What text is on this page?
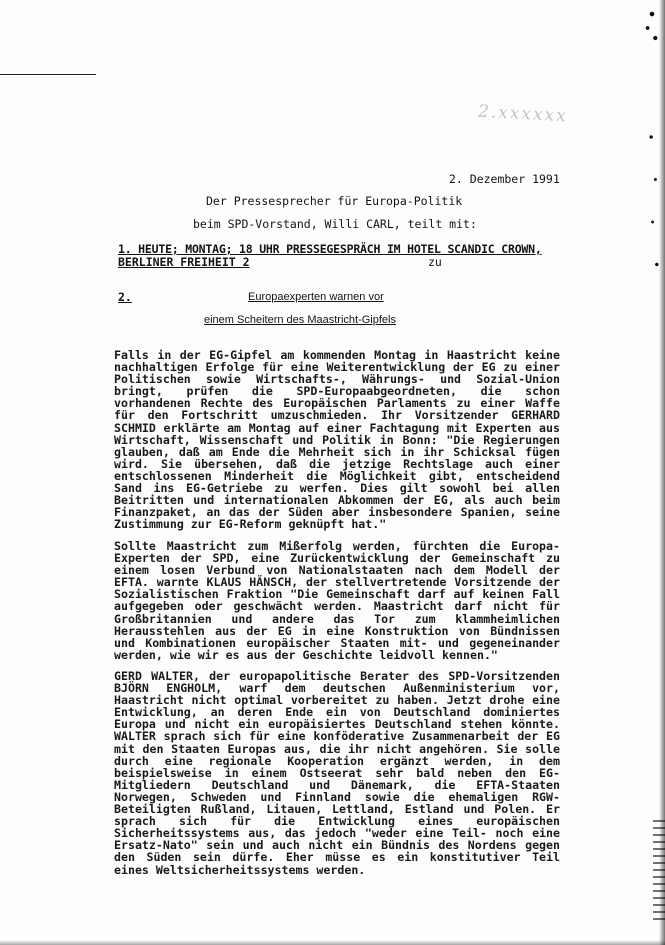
2.xxxxxx
2. Dezember 1991
Der Pressesprecher für Europa-Politik
beim SPD-Vorstand, Willi CARL, teilt mit:
1. HEUTE; MONTAG; 18 UHR PRESSEGESPRÄCH IM HOTEL SCANDIC CROWN,
BERLINER FREIHEIT 2	zu
2.	Europaexperten warnen vor
einem Scheitern des Maastricht-Gipfels
Falls in der EG-Gipfel am kommenden Montag in Haastricht keine nachhaltigen Erfolge für eine Weiterentwicklung der EG zu einer Politischen sowie Wirtschafts-, Währungs- und Sozial-Union bringt, prüfen die SPD-Europaabgeordneten, die schon vorhandenen Rechte des Europäischen Parlaments zu einer Waffe für den Fortschritt umzuschmieden. Ihr Vorsitzender GERHARD SCHMID erklärte am Montag auf einer Fachtagung mit Experten aus Wirtschaft, Wissenschaft und Politik in Bonn: "Die Regierungen glauben, daß am Ende die Mehrheit sich in ihr Schicksal fügen wird. Sie übersehen, daß die jetzige Rechtslage auch einer entschlossenen Minderheit die Möglichkeit gibt, entscheidend Sand ins EG-Getriebe zu werfen. Dies gilt sowohl bei allen Beitritten und internationalen Abkommen der EG, als auch beim Finanzpaket, an das der Süden aber insbesondere Spanien, seine Zustimmung zur EG-Reform geknüpft hat."
Sollte Maastricht zum Mißerfolg werden, fürchten die Europa-Experten der SPD, eine Zurückentwicklung der Gemeinschaft zu einem losen Verbund von Nationalstaaten nach dem Modell der EFTA. warnte KLAUS HÄNSCH, der stellvertretende Vorsitzende der Sozialistischen Fraktion "Die Gemeinschaft darf auf keinen Fall aufgegeben oder geschwächt werden. Maastricht darf nicht für Großbritannien und andere das Tor zum klammheimlichen Herausstehlen aus der EG in eine Konstruktion von Bündnissen und Kombinationen europäischer Staaten mit- und gegeneinander werden, wie wir es aus der Geschichte leidvoll kennen."
GERD WALTER, der europapolitische Berater des SPD-Vorsitzenden BJÖRN ENGHOLM, warf dem deutschen Außenministerium vor, Haastricht nicht optimal vorbereitet zu haben. Jetzt drohe eine Entwicklung, an deren Ende ein von Deutschland dominiertes Europa und nicht ein europäisiertes Deutschland stehen könnte. WALTER sprach sich für eine konföderative Zusammenarbeit der EG mit den Staaten Europas aus, die ihr nicht angehören. Sie solle durch eine regionale Kooperation ergänzt werden, in dem beispielsweise in einem Ostseerat sehr bald neben den EG-Mitgliedern Deutschland und Dänemark, die EFTA-Staaten Norwegen, Schweden und Finnland sowie die ehemaligen RGW-Beteiligten Rußland, Litauen, Lettland, Estland und Polen. Er sprach sich für die Entwicklung eines europäischen Sicherheitssystems aus, das jedoch "weder eine Teil- noch eine Ersatz-Nato" sein und auch nicht ein Bündnis des Nordens gegen den Süden sein dürfe. Eher müsse es ein konstitutiver Teil eines Weltsicherheitssystems werden.
